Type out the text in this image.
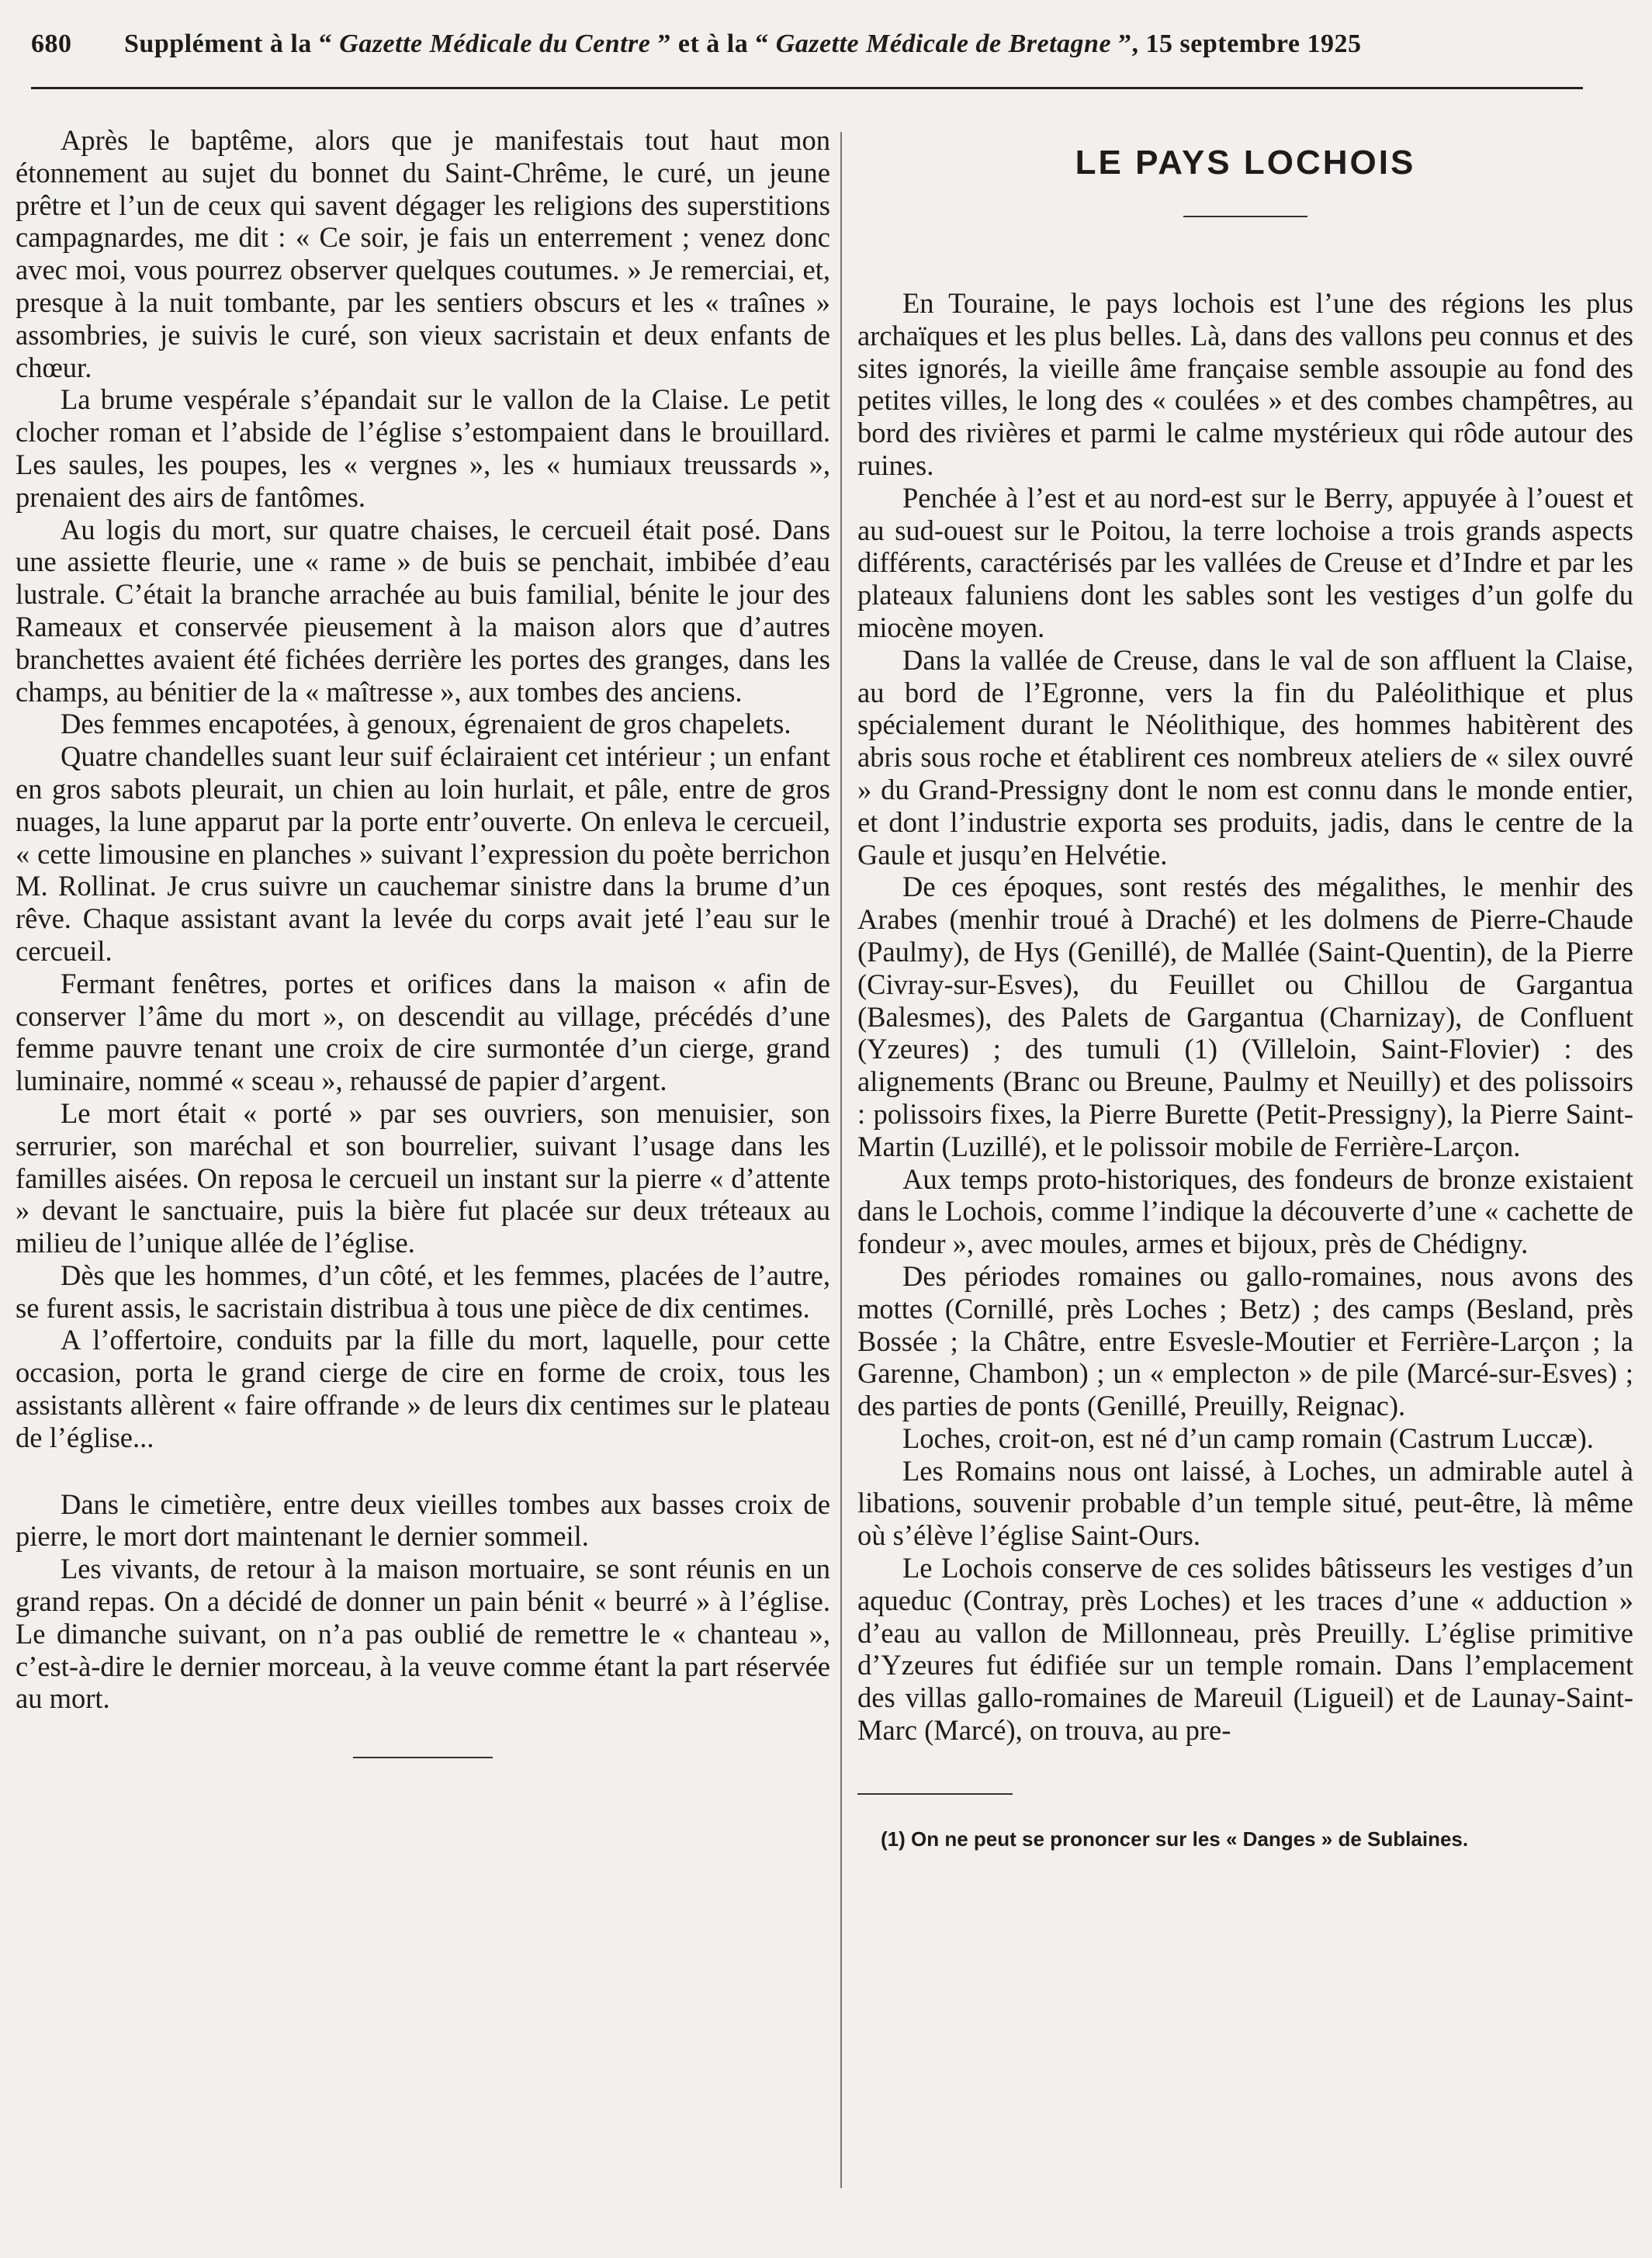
680 Supplément à la “ Gazette Médicale du Centre ” et à la “ Gazette Médicale de Bretagne ”, 15 septembre 1925

Après le baptême, alors que je manifestais tout haut mon étonnement au sujet du bonnet du Saint-Chrême, le curé, un jeune prêtre et l’un de ceux qui savent dégager les religions des superstitions campagnardes, me dit : « Ce soir, je fais un enterrement ; venez donc avec moi, vous pourrez observer quelques coutumes. » Je remerciai, et, presque à la nuit tombante, par les sentiers obscurs et les « traînes » assombries, je suivis le curé, son vieux sacristain et deux enfants de chœur.

La brume vespérale s’épandait sur le vallon de la Claise. Le petit clocher roman et l’abside de l’église s’estompaient dans le brouillard. Les saules, les poupes, les « vergnes », les « humiaux treussards », prenaient des airs de fantômes.

Au logis du mort, sur quatre chaises, le cercueil était posé. Dans une assiette fleurie, une « rame » de buis se penchait, imbibée d’eau lustrale. C’était la branche arrachée au buis familial, bénite le jour des Rameaux et conservée pieusement à la maison alors que d’autres branchettes avaient été fichées derrière les portes des granges, dans les champs, au bénitier de la « maîtresse », aux tombes des anciens.

Des femmes encapotées, à genoux, égrenaient de gros chapelets.

Quatre chandelles suant leur suif éclairaient cet intérieur ; un enfant en gros sabots pleurait, un chien au loin hurlait, et pâle, entre de gros nuages, la lune apparut par la porte entr’ouverte. On enleva le cercueil, « cette limousine en planches » suivant l’expression du poète berrichon M. Rollinat. Je crus suivre un cauchemar sinistre dans la brume d’un rêve. Chaque assistant avant la levée du corps avait jeté l’eau sur le cercueil.

Fermant fenêtres, portes et orifices dans la maison « afin de conserver l’âme du mort », on descendit au village, précédés d’une femme pauvre tenant une croix de cire surmontée d’un cierge, grand luminaire, nommé « sceau », rehaussé de papier d’argent.

Le mort était « porté » par ses ouvriers, son menuisier, son serrurier, son maréchal et son bourrelier, suivant l’usage dans les familles aisées. On reposa le cercueil un instant sur la pierre « d’attente » devant le sanctuaire, puis la bière fut placée sur deux tréteaux au milieu de l’unique allée de l’église.

Dès que les hommes, d’un côté, et les femmes, placées de l’autre, se furent assis, le sacristain distribua à tous une pièce de dix centimes.

A l’offertoire, conduits par la fille du mort, laquelle, pour cette occasion, porta le grand cierge de cire en forme de croix, tous les assistants allèrent « faire offrande » de leurs dix centimes sur le plateau de l’église...

Dans le cimetière, entre deux vieilles tombes aux basses croix de pierre, le mort dort maintenant le dernier sommeil.

Les vivants, de retour à la maison mortuaire, se sont réunis en un grand repas. On a décidé de donner un pain bénit « beurré » à l’église. Le dimanche suivant, on n’a pas oublié de remettre le « chanteau », c’est-à-dire le dernier morceau, à la veuve comme étant la part réservée au mort.

LE PAYS LOCHOIS

En Touraine, le pays lochois est l’une des régions les plus archaïques et les plus belles. Là, dans des vallons peu connus et des sites ignorés, la vieille âme française semble assoupie au fond des petites villes, le long des « coulées » et des combes champêtres, au bord des rivières et parmi le calme mystérieux qui rôde autour des ruines.

Penchée à l’est et au nord-est sur le Berry, appuyée à l’ouest et au sud-ouest sur le Poitou, la terre lochoise a trois grands aspects différents, caractérisés par les vallées de Creuse et d’Indre et par les plateaux faluniens dont les sables sont les vestiges d’un golfe du miocène moyen.

Dans la vallée de Creuse, dans le val de son affluent la Claise, au bord de l’Egronne, vers la fin du Paléolithique et plus spécialement durant le Néolithique, des hommes habitèrent des abris sous roche et établirent ces nombreux ateliers de « silex ouvré » du Grand-Pressigny dont le nom est connu dans le monde entier, et dont l’industrie exporta ses produits, jadis, dans le centre de la Gaule et jusqu’en Helvétie.

De ces époques, sont restés des mégalithes, le menhir des Arabes (menhir troué à Draché) et les dolmens de Pierre-Chaude (Paulmy), de Hys (Genillé), de Mallée (Saint-Quentin), de la Pierre (Civray-sur-Esves), du Feuillet ou Chillou de Gargantua (Balesmes), des Palets de Gargantua (Charnizay), de Confluent (Yzeures) ; des tumuli (1) (Villeloin, Saint-Flovier) : des alignements (Branc ou Breune, Paulmy et Neuilly) et des polissoirs : polissoirs fixes, la Pierre Burette (Petit-Pressigny), la Pierre Saint-Martin (Luzillé), et le polissoir mobile de Ferrière-Larçon.

Aux temps proto-historiques, des fondeurs de bronze existaient dans le Lochois, comme l’indique la découverte d’une « cachette de fondeur », avec moules, armes et bijoux, près de Chédigny.

Des périodes romaines ou gallo-romaines, nous avons des mottes (Cornillé, près Loches ; Betz) ; des camps (Besland, près Bossée ; la Châtre, entre Esvesle-Moutier et Ferrière-Larçon ; la Garenne, Chambon) ; un « emplecton » de pile (Marcé-sur-Esves) ; des parties de ponts (Genillé, Preuilly, Reignac).

Loches, croit-on, est né d’un camp romain (Castrum Luccæ).

Les Romains nous ont laissé, à Loches, un admirable autel à libations, souvenir probable d’un temple situé, peut-être, là même où s’élève l’église Saint-Ours.

Le Lochois conserve de ces solides bâtisseurs les vestiges d’un aqueduc (Contray, près Loches) et les traces d’une « adduction » d’eau au vallon de Millonneau, près Preuilly. L’église primitive d’Yzeures fut édifiée sur un temple romain. Dans l’emplacement des villas gallo-romaines de Mareuil (Ligueil) et de Launay-Saint-Marc (Marcé), on trouva, au pre-

(1) On ne peut se prononcer sur les « Danges » de Sublaines.
